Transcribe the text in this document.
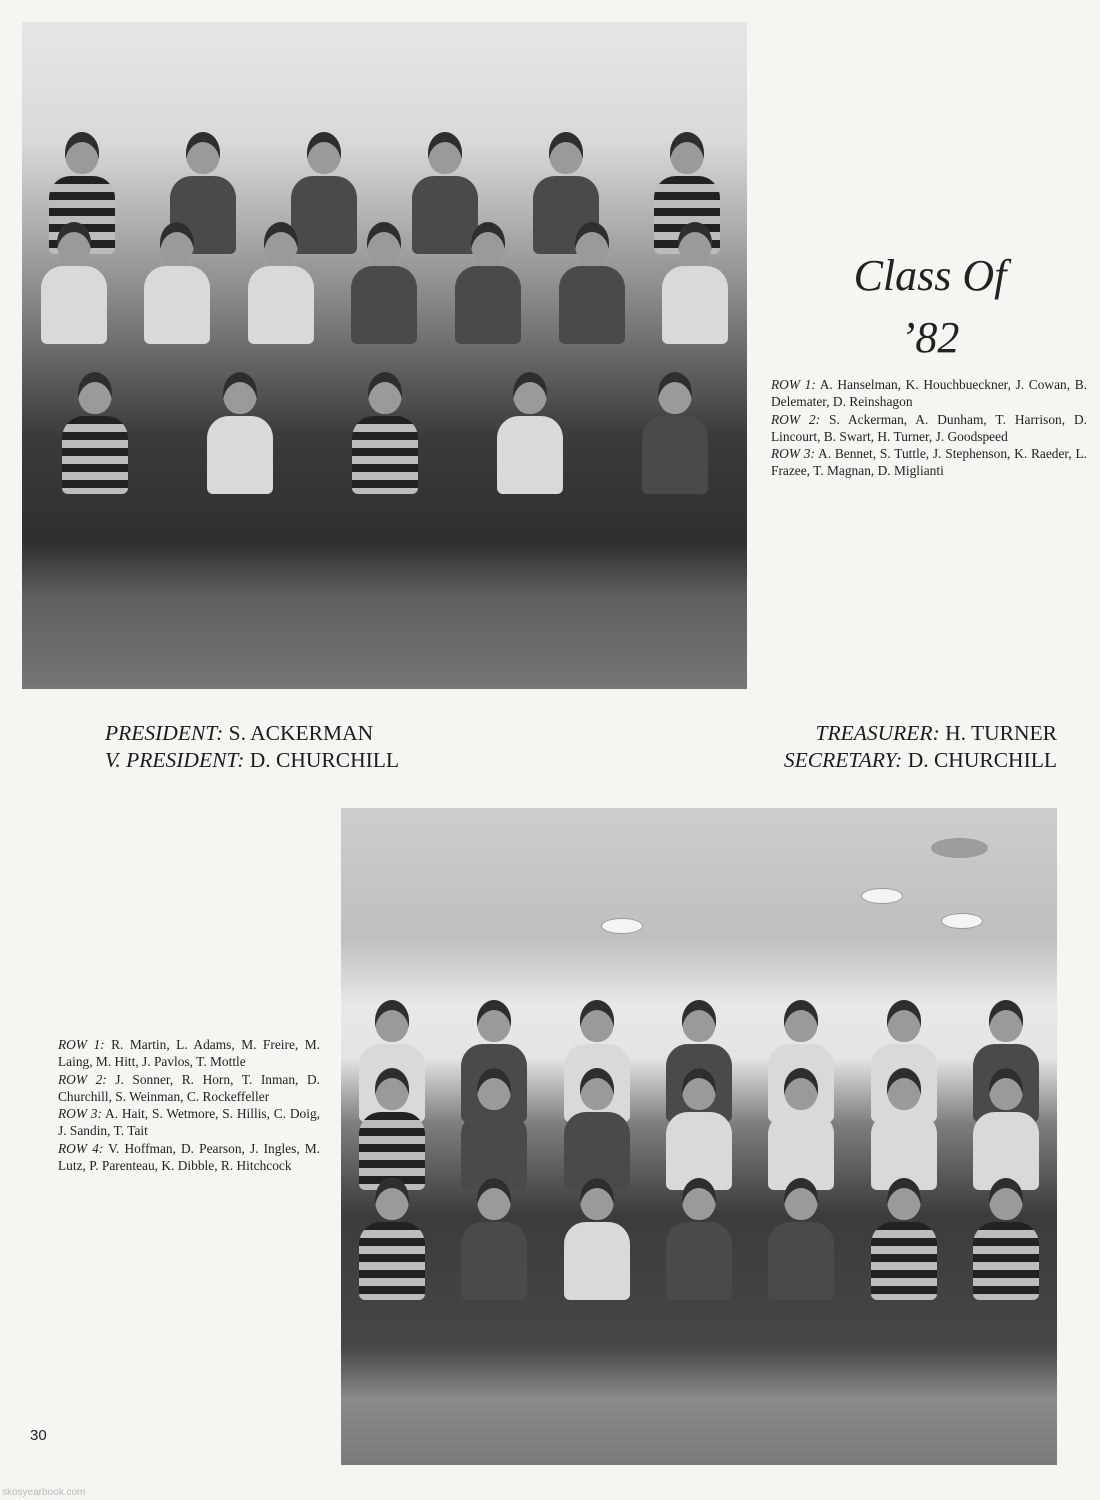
Class Of
’82
ROW 1: A. Hanselman, K. Houchbueckner, J. Cowan, B. Delemater, D. Reinshagon
ROW 2: S. Ackerman, A. Dunham, T. Harrison, D. Lincourt, B. Swart, H. Turner, J. Goodspeed
ROW 3: A. Bennet, S. Tuttle, J. Stephenson, K. Raeder, L. Frazee, T. Magnan, D. Miglianti
PRESIDENT: S. ACKERMAN
V. PRESIDENT: D. CHURCHILL
TREASURER: H. TURNER
SECRETARY: D. CHURCHILL
ROW 1: R. Martin, L. Adams, M. Freire, M. Laing, M. Hitt, J. Pavlos, T. Mottle
ROW 2: J. Sonner, R. Horn, T. Inman, D. Churchill, S. Weinman, C. Rockeffeller
ROW 3: A. Hait, S. Wetmore, S. Hillis, C. Doig, J. Sandin, T. Tait
ROW 4: V. Hoffman, D. Pearson, J. Ingles, M. Lutz, P. Parenteau, K. Dibble, R. Hitchcock
30
skosyearbook.com
